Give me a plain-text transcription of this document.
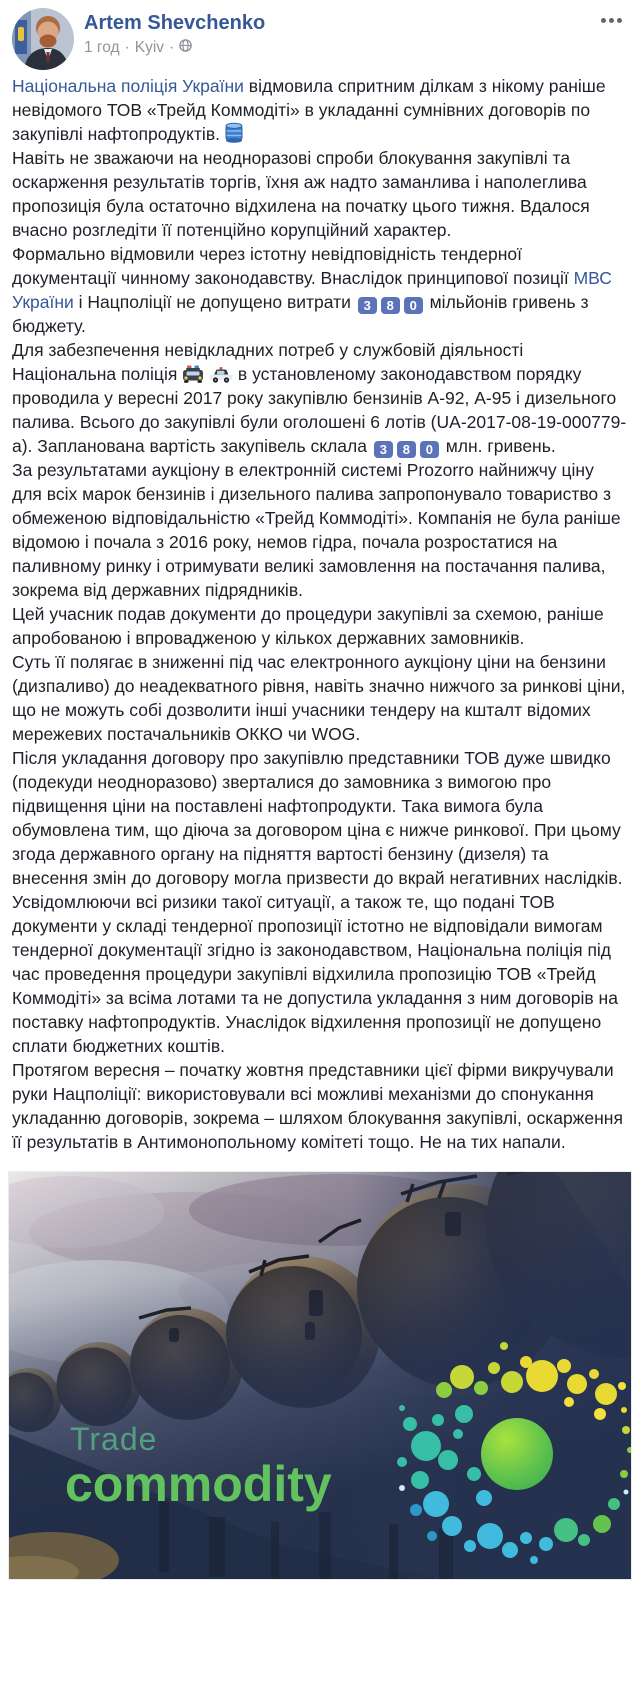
Artem Shevchenko
1 год · Kyiv ·

Національна поліція України відмовила спритним ділкам з нікому раніше невідомого ТОВ «Трейд Коммодіті» в укладанні сумнівних договорів по закупівлі нафтопродуктів.

Навіть не зважаючи на неодноразові спроби блокування закупівлі та оскарження результатів торгів, їхня аж надто заманлива і наполеглива пропозиція була остаточно відхилена на початку цього тижня. Вдалося вчасно розгледіти її потенційно корупційний характер.

Формально відмовили через істотну невідповідність тендерної документації чинному законодавству. Внаслідок принципової позиції МВС України і Нацполіції не допущено витрати 3 8 0 мільйонів гривень з бюджету.

Для забезпечення невідкладних потреб у службовій діяльності Національна поліція	в установленому законодавством порядку проводила у вересні 2017 року закупівлю бензинів А-92, А-95 і дизельного палива. Всього до закупівлі були оголошені 6 лотів (UA-2017-08-19-000779-a). Запланована вартість закупівель склала 3 8 0 млн. гривень.

За результатами аукціону в електронній системі Prozorro найнижчу ціну для всіх марок бензинів і дизельного палива запропонувало товариство з обмеженою відповідальністю «Трейд Коммодіті». Компанія не була раніше відомою і почала з 2016 року, немов гідра, почала розростатися на паливному ринку і отримувати великі замовлення на постачання палива, зокрема від державних підрядників.

Цей учасник подав документи до процедури закупівлі за схемою, раніше апробованою і впровадженою у кількох державних замовників.

Суть її полягає в зниженні під час електронного аукціону ціни на бензини (дизпаливо) до неадекватного рівня, навіть значно нижчого за ринкові ціни, що не можуть собі дозволити інші учасники тендеру на кшталт відомих мережевих постачальників ОККО чи WOG.

Після укладання договору про закупівлю представники ТОВ дуже швидко (подекуди неодноразово) зверталися до замовника з вимогою про підвищення ціни на поставлені нафтопродукти. Така вимога була обумовлена тим, що діюча за договором ціна є нижче ринкової. При цьому згода державного органу на підняття вартості бензину (дизеля) та внесення змін до договору могла призвести до вкрай негативних наслідків.

Усвідомлюючи всі ризики такої ситуації, а також те, що подані ТОВ документи у складі тендерної пропозиції істотно не відповідали вимогам тендерної документації згідно із законодавством, Національна поліція під час проведення процедури закупівлі відхилила пропозицію ТОВ «Трейд Коммодіті» за всіма лотами та не допустила укладання з ним договорів на поставку нафтопродуктів. Унаслідок відхилення пропозиції не допущено сплати бюджетних коштів.

Протягом вересня – початку жовтня представники цієї фірми викручували руки Нацполіції: використовували всі можливі механізми до спонукання укладанню договорів, зокрема – шляхом блокування закупівлі, оскарження її результатів в Антимонопольному комітеті тощо. Не на тих напали.

Trade
commodity
